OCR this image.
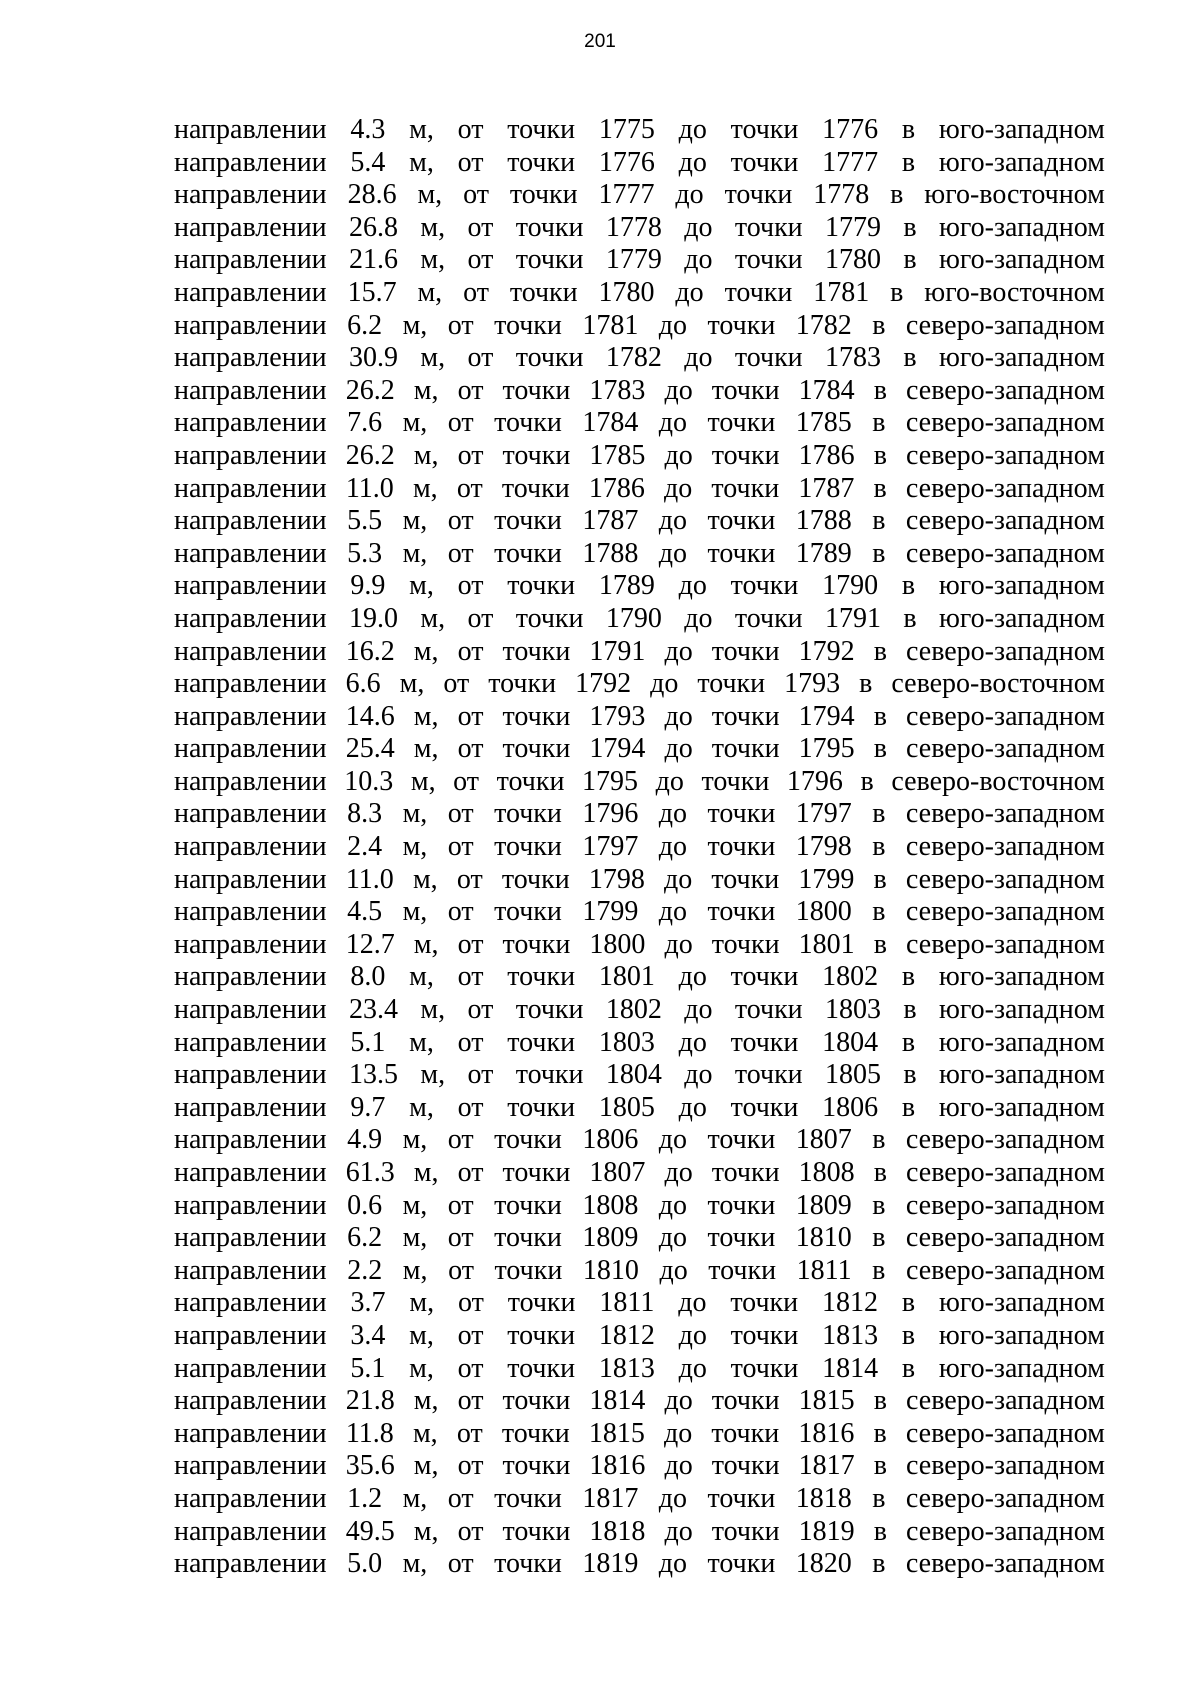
201
направлении 4.3 м, от точки 1775 до точки 1776 в юго-западном
направлении 5.4 м, от точки 1776 до точки 1777 в юго-западном
направлении 28.6 м, от точки 1777 до точки 1778 в юго-восточном
направлении 26.8 м, от точки 1778 до точки 1779 в юго-западном
направлении 21.6 м, от точки 1779 до точки 1780 в юго-западном
направлении 15.7 м, от точки 1780 до точки 1781 в юго-восточном
направлении 6.2 м, от точки 1781 до точки 1782 в северо-западном
направлении 30.9 м, от точки 1782 до точки 1783 в юго-западном
направлении 26.2 м, от точки 1783 до точки 1784 в северо-западном
направлении 7.6 м, от точки 1784 до точки 1785 в северо-западном
направлении 26.2 м, от точки 1785 до точки 1786 в северо-западном
направлении 11.0 м, от точки 1786 до точки 1787 в северо-западном
направлении 5.5 м, от точки 1787 до точки 1788 в северо-западном
направлении 5.3 м, от точки 1788 до точки 1789 в северо-западном
направлении 9.9 м, от точки 1789 до точки 1790 в юго-западном
направлении 19.0 м, от точки 1790 до точки 1791 в юго-западном
направлении 16.2 м, от точки 1791 до точки 1792 в северо-западном
направлении 6.6 м, от точки 1792 до точки 1793 в северо-восточном
направлении 14.6 м, от точки 1793 до точки 1794 в северо-западном
направлении 25.4 м, от точки 1794 до точки 1795 в северо-западном
направлении 10.3 м, от точки 1795 до точки 1796 в северо-восточном
направлении 8.3 м, от точки 1796 до точки 1797 в северо-западном
направлении 2.4 м, от точки 1797 до точки 1798 в северо-западном
направлении 11.0 м, от точки 1798 до точки 1799 в северо-западном
направлении 4.5 м, от точки 1799 до точки 1800 в северо-западном
направлении 12.7 м, от точки 1800 до точки 1801 в северо-западном
направлении 8.0 м, от точки 1801 до точки 1802 в юго-западном
направлении 23.4 м, от точки 1802 до точки 1803 в юго-западном
направлении 5.1 м, от точки 1803 до точки 1804 в юго-западном
направлении 13.5 м, от точки 1804 до точки 1805 в юго-западном
направлении 9.7 м, от точки 1805 до точки 1806 в юго-западном
направлении 4.9 м, от точки 1806 до точки 1807 в северо-западном
направлении 61.3 м, от точки 1807 до точки 1808 в северо-западном
направлении 0.6 м, от точки 1808 до точки 1809 в северо-западном
направлении 6.2 м, от точки 1809 до точки 1810 в северо-западном
направлении 2.2 м, от точки 1810 до точки 1811 в северо-западном
направлении 3.7 м, от точки 1811 до точки 1812 в юго-западном
направлении 3.4 м, от точки 1812 до точки 1813 в юго-западном
направлении 5.1 м, от точки 1813 до точки 1814 в юго-западном
направлении 21.8 м, от точки 1814 до точки 1815 в северо-западном
направлении 11.8 м, от точки 1815 до точки 1816 в северо-западном
направлении 35.6 м, от точки 1816 до точки 1817 в северо-западном
направлении 1.2 м, от точки 1817 до точки 1818 в северо-западном
направлении 49.5 м, от точки 1818 до точки 1819 в северо-западном
направлении 5.0 м, от точки 1819 до точки 1820 в северо-западном
